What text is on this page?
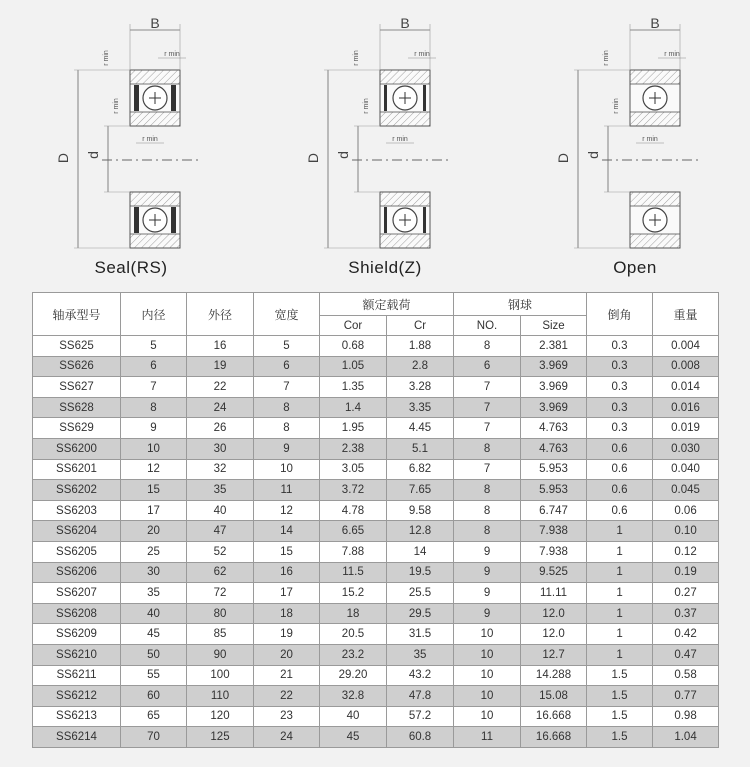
B
D d
r min
r min
r min
r min
B
D d
r min
r min
r min
r min
B
D d
r min
r min
r min
r min
Seal(RS)	Shield(Z)	Open
轴承型号	内径	外径	宽度	额定载荷		钢球		倒角	重量
				Cor	Cr	NO.	Size		
SS625	5	16	5	0.68	1.88	8	2.381	0.3	0.004
SS626	6	19	6	1.05	2.8	6	3.969	0.3	0.008
SS627	7	22	7	1.35	3.28	7	3.969	0.3	0.014
SS628	8	24	8	1.4	3.35	7	3.969	0.3	0.016
SS629	9	26	8	1.95	4.45	7	4.763	0.3	0.019
SS6200	10	30	9	2.38	5.1	8	4.763	0.6	0.030
SS6201	12	32	10	3.05	6.82	7	5.953	0.6	0.040
SS6202	15	35	11	3.72	7.65	8	5.953	0.6	0.045
SS6203	17	40	12	4.78	9.58	8	6.747	0.6	0.06
SS6204	20	47	14	6.65	12.8	8	7.938	1	0.10
SS6205	25	52	15	7.88	14	9	7.938	1	0.12
SS6206	30	62	16	11.5	19.5	9	9.525	1	0.19
SS6207	35	72	17	15.2	25.5	9	11.11	1	0.27
SS6208	40	80	18	18	29.5	9	12.0	1	0.37
SS6209	45	85	19	20.5	31.5	10	12.0	1	0.42
SS6210	50	90	20	23.2	35	10	12.7	1	0.47
SS6211	55	100	21	29.20	43.2	10	14.288	1.5	0.58
SS6212	60	110	22	32.8	47.8	10	15.08	1.5	0.77
SS6213	65	120	23	40	57.2	10	16.668	1.5	0.98
SS6214	70	125	24	45	60.8	11	16.668	1.5	1.04
